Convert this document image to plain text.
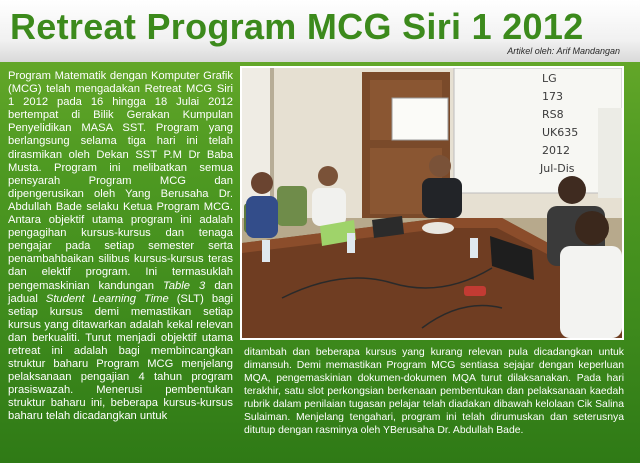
Retreat Program MCG Siri 1 2012
Artikel oleh: Arif Mandangan
Program Matematik dengan Komputer Grafik (MCG) telah mengadakan Retreat MCG Siri 1 2012 pada 16 hingga 18 Julai 2012 bertempat di Bilik Gerakan Kumpulan Penyelidikan MASA SST. Program yang berlangsung selama tiga hari ini telah dirasmikan oleh Dekan SST P.M Dr Baba Musta. Program ini melibatkan semua pensyarah Program MCG dan dipengerusikan oleh Yang Berusaha Dr. Abdullah Bade selaku Ketua Program MCG. Antara objektif utama program ini adalah pengagihan kursus-kursus dan tenaga pengajar pada setiap semester serta penambahbaikan silibus kursus-kursus teras dan elektif program. Ini termasuklah pengemaskinian kandungan Table 3 dan jadual Student Learning Time (SLT) bagi setiap kursus demi memastikan setiap kursus yang ditawarkan adalah kekal relevan dan berkualiti. Turut menjadi objektif utama retreat ini adalah bagi membincangkan struktur baharu Program MCG menjelang pelaksanaan pengajian 4 tahun program prasiswazah. Menerusi pembentukan struktur baharu ini, beberapa kursus-kursus baharu telah dicadangkan untuk
LG
173
RS8
UK635
2012
Jul-Dis
ditambah dan beberapa kursus yang kurang relevan pula dicadangkan untuk dimansuh. Demi memastikan Program MCG sentiasa sejajar dengan keperluan MQA, pengemaskinian dokumen-dokumen MQA turut dilaksanakan. Pada hari terakhir, satu slot perkongsian berkenaan pembentukan dan pelaksanaan kaedah rubrik dalam penilaian tugasan pelajar telah diadakan dibawah kelolaan Cik Salina Sulaiman. Menjelang tengahari, program ini telah dirumuskan dan seterusnya ditutup dengan rasminya oleh YBerusaha Dr. Abdullah Bade.
